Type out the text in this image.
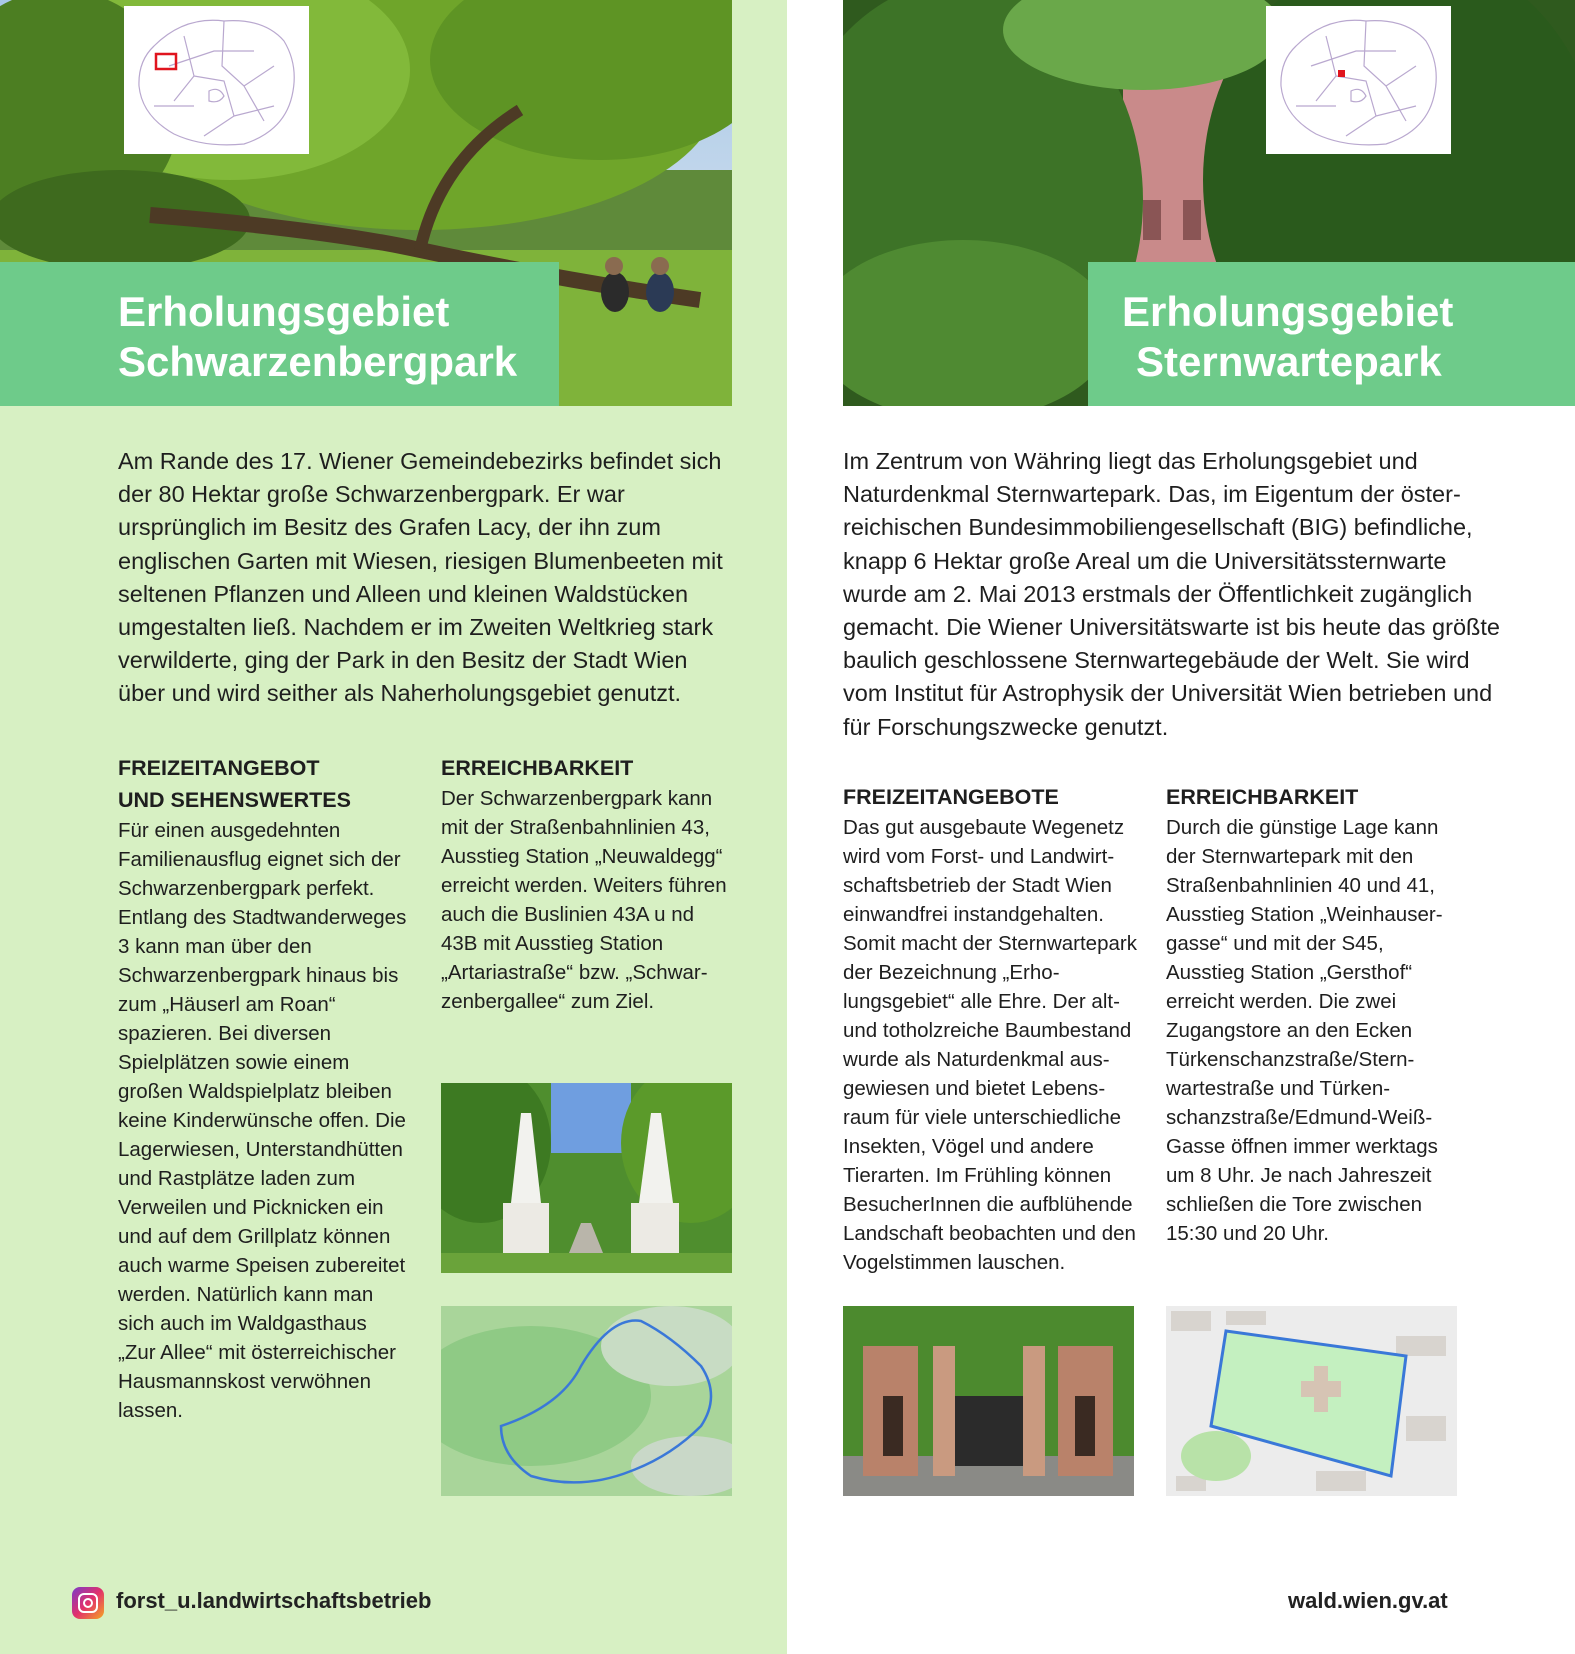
Erholungsgebiet
Schwarzenbergpark

Am Rande des 17. Wiener Gemeindebezirks befindet sich der 80 Hektar große Schwarzenbergpark. Er war ursprünglich im Besitz des Grafen Lacy, der ihn zum englischen Garten mit Wiesen, riesigen Blumenbeeten mit seltenen Pflanzen und Alleen und kleinen Waldstücken umgestalten ließ. Nachdem er im Zweiten Weltkrieg stark verwilderte, ging der Park in den Besitz der Stadt Wien über und wird seither als Naherholungsgebiet genutzt.

FREIZEITANGEBOT
UND SEHENSWERTES

Für einen ausgedehnten Familienausflug eignet sich der Schwarzenbergpark perfekt. Entlang des Stadtwanderweges 3 kann man über den Schwarzenbergpark hinaus bis zum „Häuserl am Roan“ spazieren. Bei diversen Spielplätzen sowie einem großen Waldspielplatz bleiben keine Kinderwünsche offen. Die Lagerwiesen, Unterstandhütten und Rastplätze laden zum Verweilen und Picknicken ein und auf dem Grillplatz können auch warme Speisen zubereitet werden. Natürlich kann man sich auch im Waldgasthaus „Zur Allee“ mit österreichischer Hausmannskost verwöhnen lassen.

ERREICHBARKEIT

Der Schwarzenbergpark kann mit der Straßenbahnlinien 43, Ausstieg Station „Neuwaldegg“ erreicht werden. Weiters führen auch die Buslinien 43A u nd 43B mit Ausstieg Station „Artariastraße“ bzw. „Schwarzenbergallee“ zum Ziel.

forst_u.landwirtschaftsbetrieb
Erholungsgebiet
Sternwartepark

Im Zentrum von Währing liegt das Erholungsgebiet und Naturdenkmal Sternwartepark. Das, im Eigentum der österreichischen Bundesimmobiliengesellschaft (BIG) befindliche, knapp 6 Hektar große Areal um die Universitätssternwarte wurde am 2. Mai 2013 erstmals der Öffentlichkeit zugänglich gemacht. Die Wiener Universitätswarte ist bis heute das größte baulich geschlossene Sternwartegebäude der Welt. Sie wird vom Institut für Astrophysik der Universität Wien betrieben und für Forschungszwecke genutzt.

FREIZEITANGEBOTE

Das gut ausgebaute Wegenetz wird vom Forst- und Landwirtschaftsbetrieb der Stadt Wien einwandfrei instandgehalten. Somit macht der Sternwartepark der Bezeichnung „Erholungsgebiet“ alle Ehre. Der alt- und totholzreiche Baumbestand wurde als Naturdenkmal ausgewiesen und bietet Lebensraum für viele unterschiedliche Insekten, Vögel und andere Tierarten. Im Frühling können BesucherInnen die aufblühende Landschaft beobachten und den Vogelstimmen lauschen.

ERREICHBARKEIT

Durch die günstige Lage kann der Sternwartepark mit den Straßenbahnlinien 40 und 41, Ausstieg Station „Weinhausergasse“ und mit der S45, Ausstieg Station „Gersthof“ erreicht werden. Die zwei Zugangstore an den Ecken Türkenschanzstraße/Sternwartestraße und Türkenschanzstraße/Edmund-Weiß-Gasse öffnen immer werktags um 8 Uhr. Je nach Jahreszeit schließen die Tore zwischen 15:30 und 20 Uhr.

wald.wien.gv.at
